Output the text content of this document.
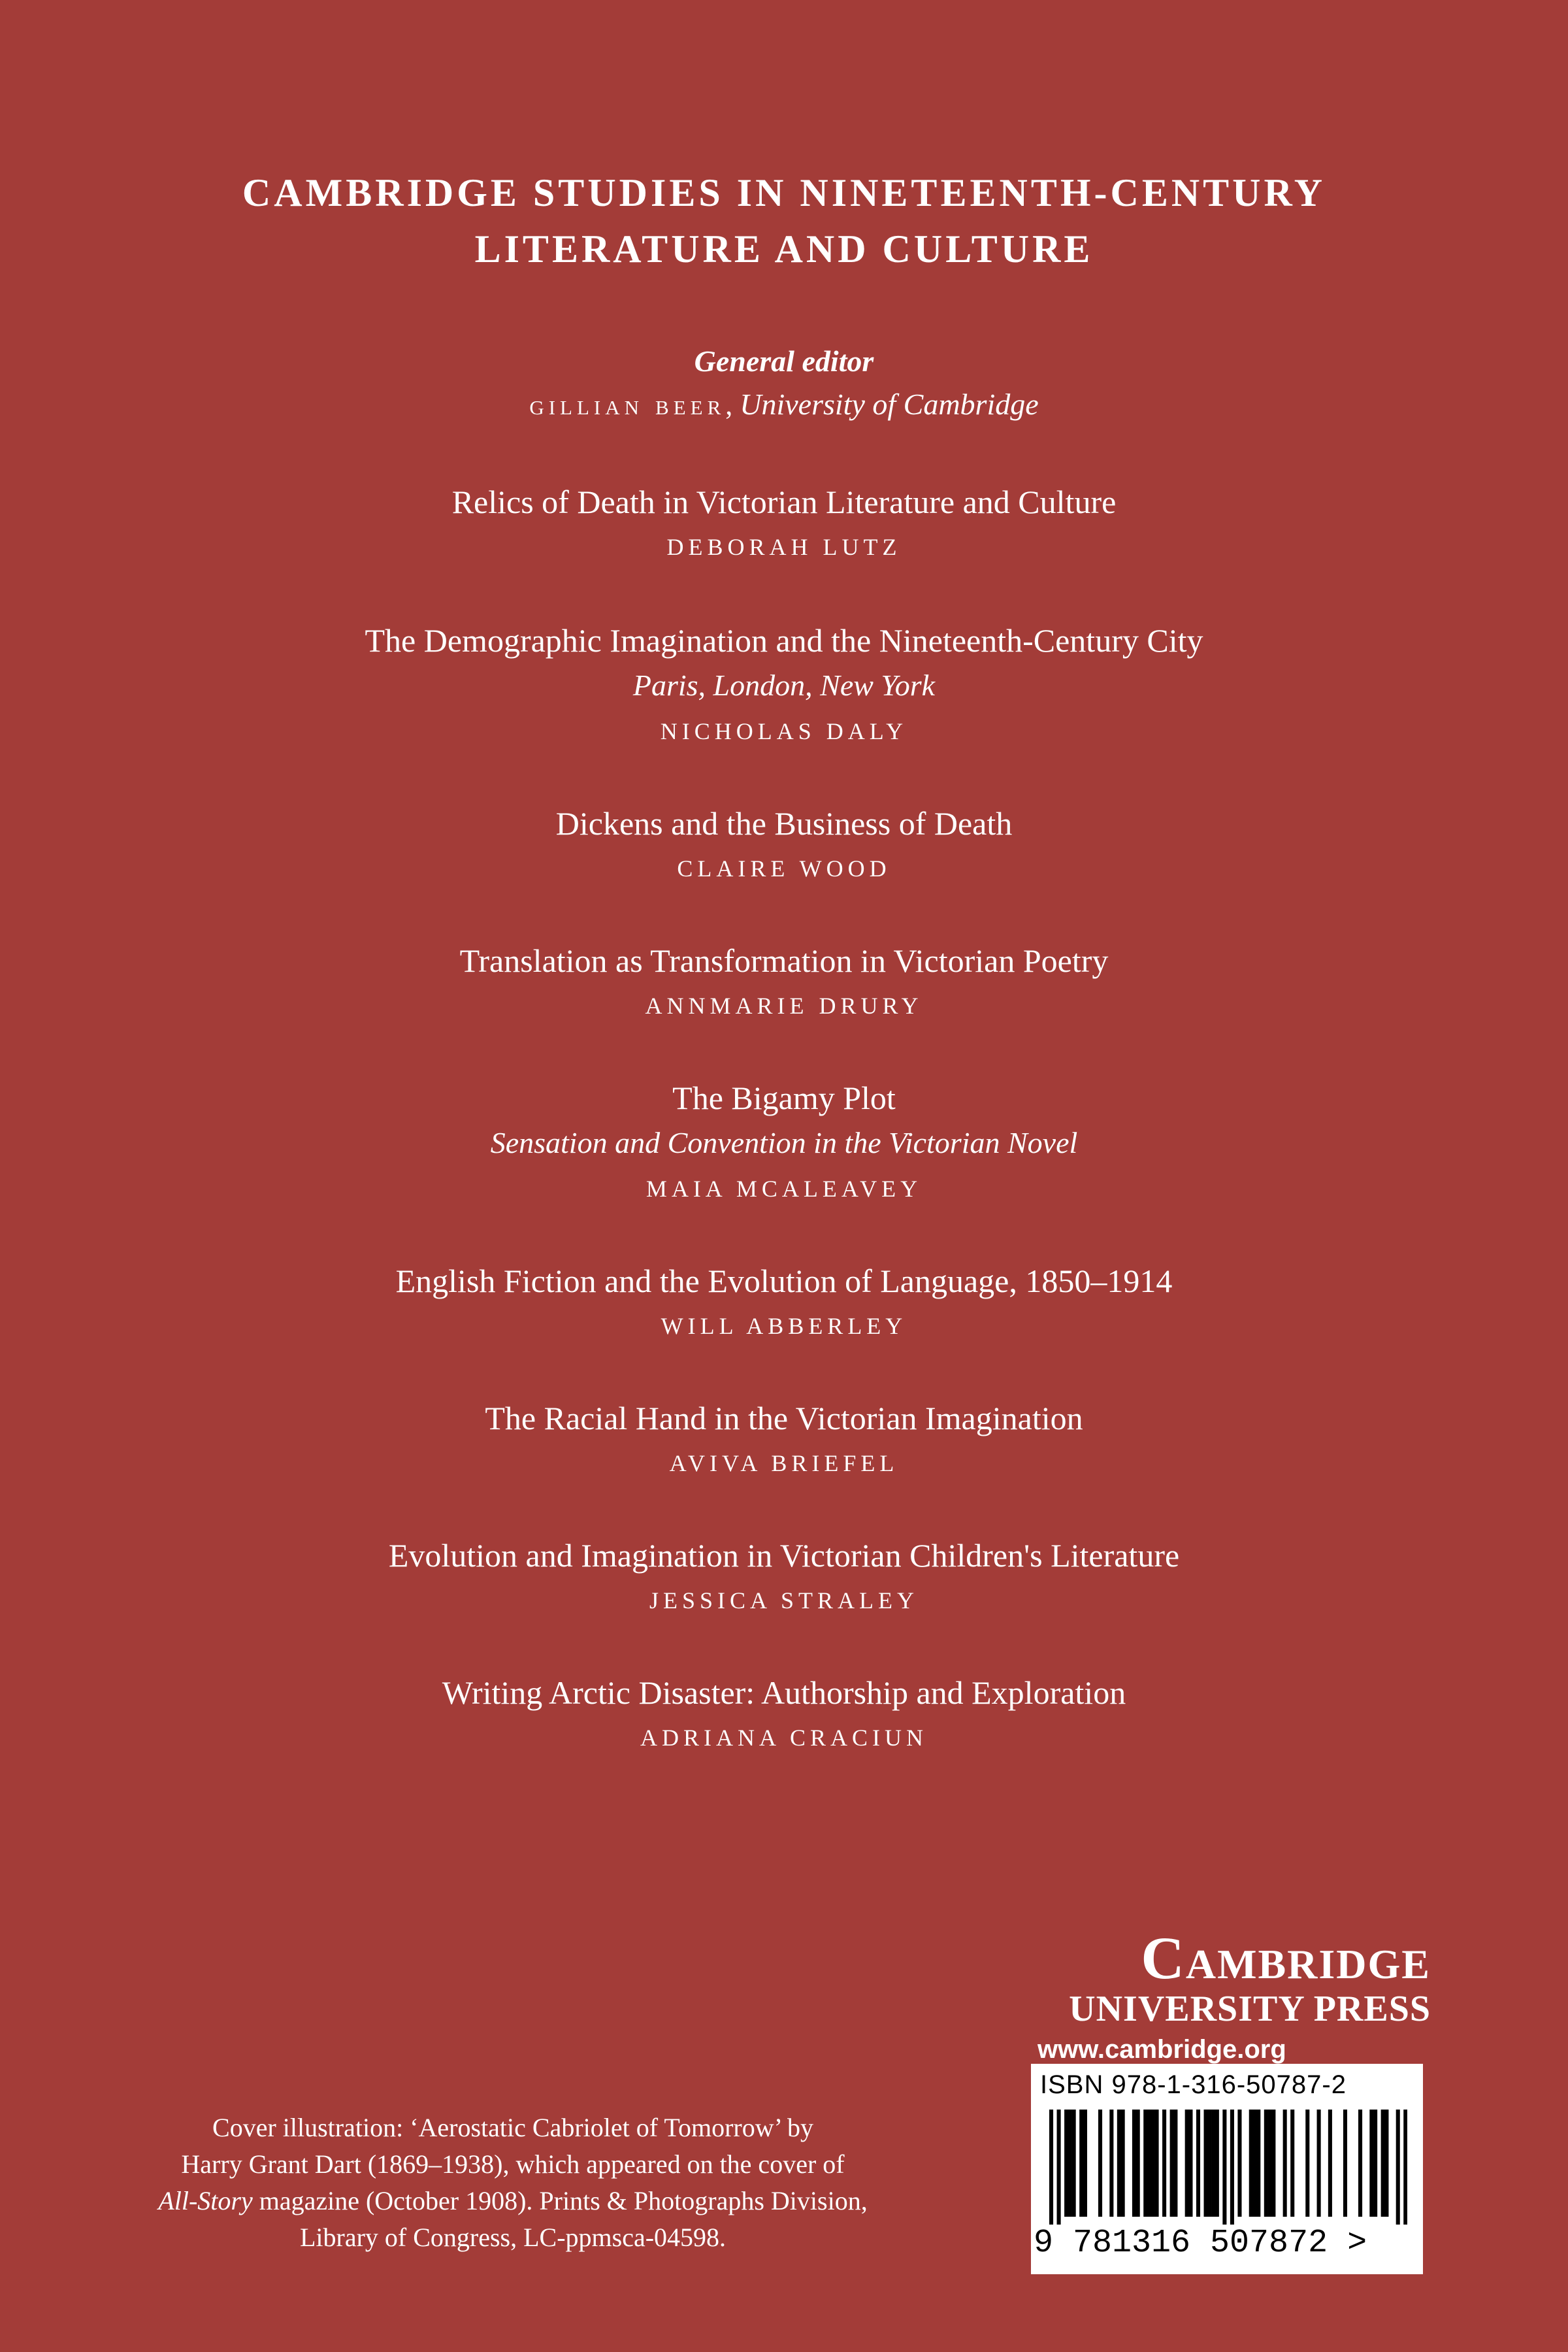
CAMBRIDGE STUDIES IN NINETEENTH-CENTURY
LITERATURE AND CULTURE
General editor
gillian beer, University of Cambridge
Relics of Death in Victorian Literature and Culture
DEBORAH LUTZ
The Demographic Imagination and the Nineteenth-Century City
Paris, London, New York
NICHOLAS DALY
Dickens and the Business of Death
CLAIRE WOOD
Translation as Transformation in Victorian Poetry
ANNMARIE DRURY
The Bigamy Plot
Sensation and Convention in the Victorian Novel
MAIA MCALEAVEY
English Fiction and the Evolution of Language, 1850–1914
WILL ABBERLEY
The Racial Hand in the Victorian Imagination
AVIVA BRIEFEL
Evolution and Imagination in Victorian Children's Literature
JESSICA STRALEY
Writing Arctic Disaster: Authorship and Exploration
ADRIANA CRACIUN
Cover illustration: ‘Aerostatic Cabriolet of Tomorrow’ by
Harry Grant Dart (1869–1938), which appeared on the cover of
All-Story magazine (October 1908). Prints & Photographs Division,
Library of Congress, LC-ppmsca-04598.
Cambridge
UNIVERSITY PRESS
www.cambridge.org
ISBN 978-1-316-50787-2
9 781316 507872 >
